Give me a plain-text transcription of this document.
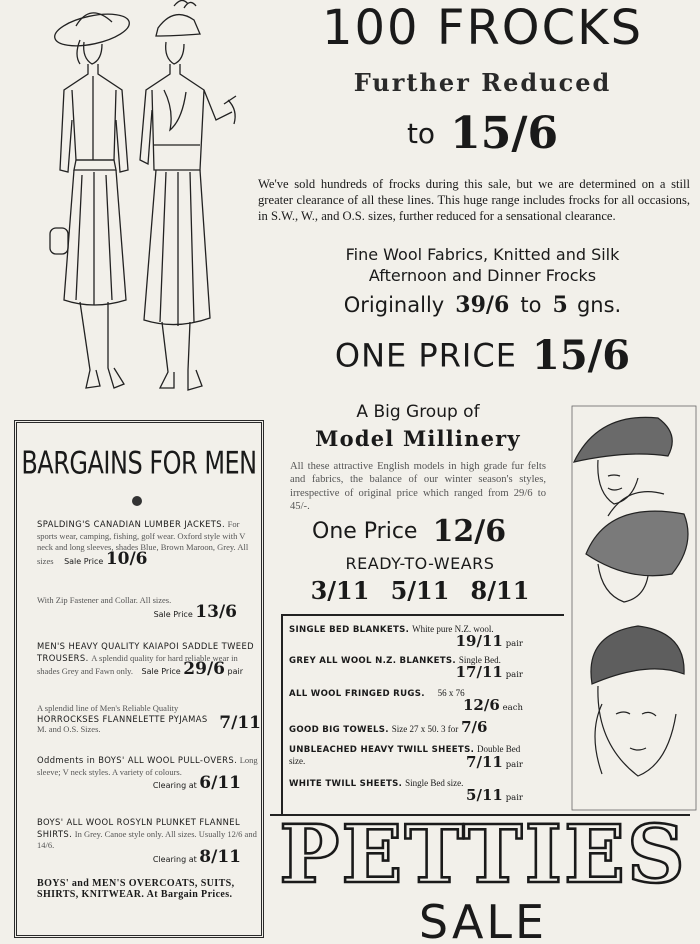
100 FROCKS
Further Reduced
to 15/6
We've sold hundreds of frocks during this sale, but we are determined on a still greater clearance of all these lines. This huge range includes frocks for all occasions, in S.W., W., and O.S. sizes, further reduced for a sensational clearance.
Fine Wool Fabrics, Knitted and Silk
Afternoon and Dinner Frocks
Originally 39/6 to 5 gns.
ONE PRICE 15/6
A Big Group of
Model Millinery
All these attractive English models in high grade fur felts and fabrics, the balance of our winter season's styles, irrespective of original price which ranged from 29/6 to 45/-.
One Price 12/6
READY-TO-WEARS
3/11 5/11 8/11
SINGLE BED BLANKETS. White pure N.Z. wool.
19/11 pair
GREY ALL WOOL N.Z. BLANKETS. Single Bed.
17/11 pair
ALL WOOL FRINGED RUGS. 56 x 76
12/6 each
GOOD BIG TOWELS. Size 27 x 50. 3 for 7/6
UNBLEACHED HEAVY TWILL SHEETS. Double Bed size.	7/11 pair
WHITE TWILL SHEETS. Single Bed size.
5/11 pair
BARGAINS FOR MEN
SPALDING'S CANADIAN LUMBER JACKETS. For sports wear, camping, fishing, golf wear. Oxford style with V neck and long sleeves, shades Blue, Brown Maroon, Grey. All sizes Sale Price 10/6
With Zip Fastener and Collar. All sizes.
Sale Price 13/6
MEN'S HEAVY QUALITY KAIAPOI SADDLE TWEED TROUSERS. A splendid quality for hard reliable wear in shades Grey and Fawn only. Sale Price 29/6 pair
A splendid line of Men's Reliable Quality
HORROCKSES FLANNELETTE PYJAMAS
M. and O.S. Sizes.	7/11
Oddments in BOYS' ALL WOOL PULL-OVERS. Long sleeve; V neck styles. A variety of colours.
Clearing at 6/11
BOYS' ALL WOOL ROSYLN PLUNKET FLANNEL SHIRTS. In Grey. Canoe style only. All sizes. Usually 12/6 and 14/6.
Clearing at 8/11
BOYS' and MEN'S OVERCOATS, SUITS, SHIRTS, KNITWEAR. At Bargain Prices. PETTIES
SALE
